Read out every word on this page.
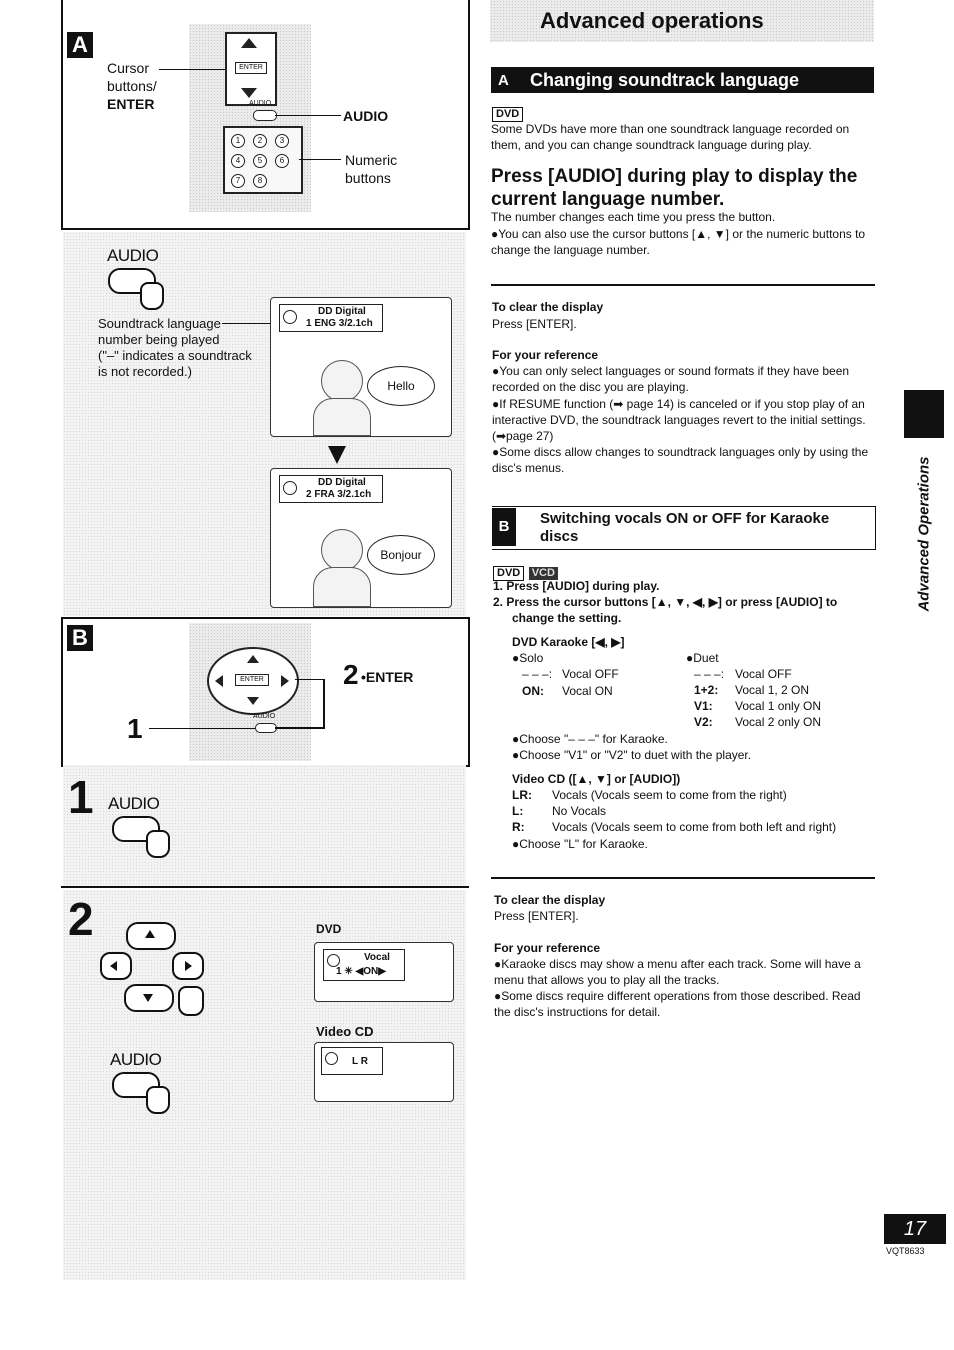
A
ENTER
AUDIO
1	2	3
4	5	6
7	8
Cursor
buttons/
ENTER
AUDIO
Numeric
buttons
AUDIO
Soundtrack language
number being played
("–" indicates a soundtrack
is not recorded.)
DD Digital
1 ENG 3/2.1ch
Hello
DD Digital
2 FRA 3/2.1ch
Bonjour
B
ENTER
AUDIO
2 •ENTER
1
1 AUDIO
2	DVD
Vocal
1 ✳ ◀ON▶
Video CD
L R
AUDIO
Advanced operations
A Changing soundtrack language
DVD
Some DVDs have more than one soundtrack language recorded on them, and you can change soundtrack language during play.
Press [AUDIO] during play to display the
current language number.
The number changes each time you press the button.
●You can also use the cursor buttons [▲, ▼] or the numeric buttons to change the language number.
To clear the display
Press [ENTER].
For your reference
●You can only select languages or sound formats if they have been recorded on the disc you are playing.
●If RESUME function (➡ page 14) is canceled or if you stop play of an interactive DVD, the soundtrack languages revert to the initial settings. (➡page 27)
●Some discs allow changes to soundtrack languages only by using the disc's menus.
B	Switching vocals ON or OFF for Karaoke
discs
DVD VCD
1. Press [AUDIO] during play.
2. Press the cursor buttons [▲, ▼, ◀, ▶] or press [AUDIO] to
change the setting.
DVD Karaoke [◀, ▶]
●Solo
– – –: Vocal OFF
ON: Vocal ON
●Duet
– – –: Vocal OFF
1+2: Vocal 1, 2 ON
V1: Vocal 1 only ON
V2: Vocal 2 only ON
●Choose "– – –" for Karaoke.
●Choose "V1" or "V2" to duet with the player.
Video CD ([▲, ▼] or [AUDIO])
LR: Vocals (Vocals seem to come from the right)
L: No Vocals
R: Vocals (Vocals seem to come from both left and right)
●Choose "L" for Karaoke.
To clear the display
Press [ENTER].
For your reference
●Karaoke discs may show a menu after each track. Some will have a menu that allows you to play all the tracks.
●Some discs require different operations from those described. Read the disc's instructions for detail.
Advanced Operations
17
VQT8633
